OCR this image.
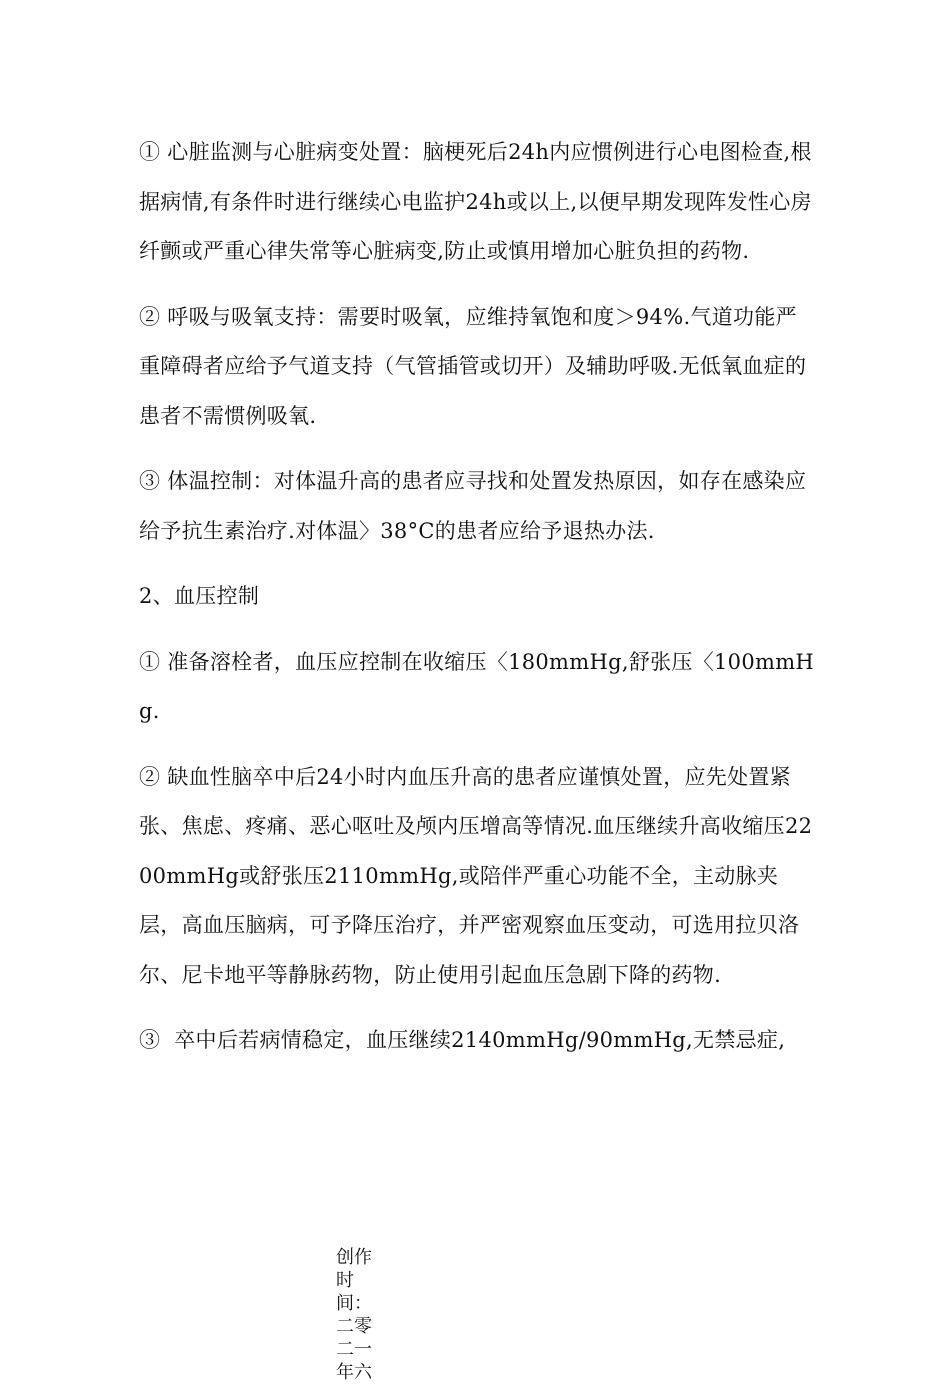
① 心脏监测与心脏病变处置：脑梗死后24h内应惯例进行心电图检查,根据病情,有条件时进行继续心电监护24h或以上,以便早期发现阵发性心房纤颤或严重心律失常等心脏病变,防止或慎用增加心脏负担的药物.

② 呼吸与吸氧支持：需要时吸氧，应维持氧饱和度＞94%.气道功能严重障碍者应给予气道支持（气管插管或切开）及辅助呼吸.无低氧血症的患者不需惯例吸氧.

③ 体温控制：对体温升高的患者应寻找和处置发热原因，如存在感染应给予抗生素治疗.对体温〉38°C的患者应给予退热办法.

2、血压控制

① 准备溶栓者，血压应控制在收缩压〈180mmHg,舒张压〈100mmHg.

② 缺血性脑卒中后24小时内血压升高的患者应谨慎处置，应先处置紧张、焦虑、疼痛、恶心呕吐及颅内压增高等情况.血压继续升高收缩压2200mmHg或舒张压2110mmHg,或陪伴严重心功能不全，主动脉夹层，高血压脑病，可予降压治疗，并严密观察血压变动，可选用拉贝洛尔、尼卡地平等静脉药物，防止使用引起血压急剧下降的药物.

③  卒中后若病情稳定，血压继续2140mmHg/90mmHg,无禁忌症,

创作时间：二零二一年六
